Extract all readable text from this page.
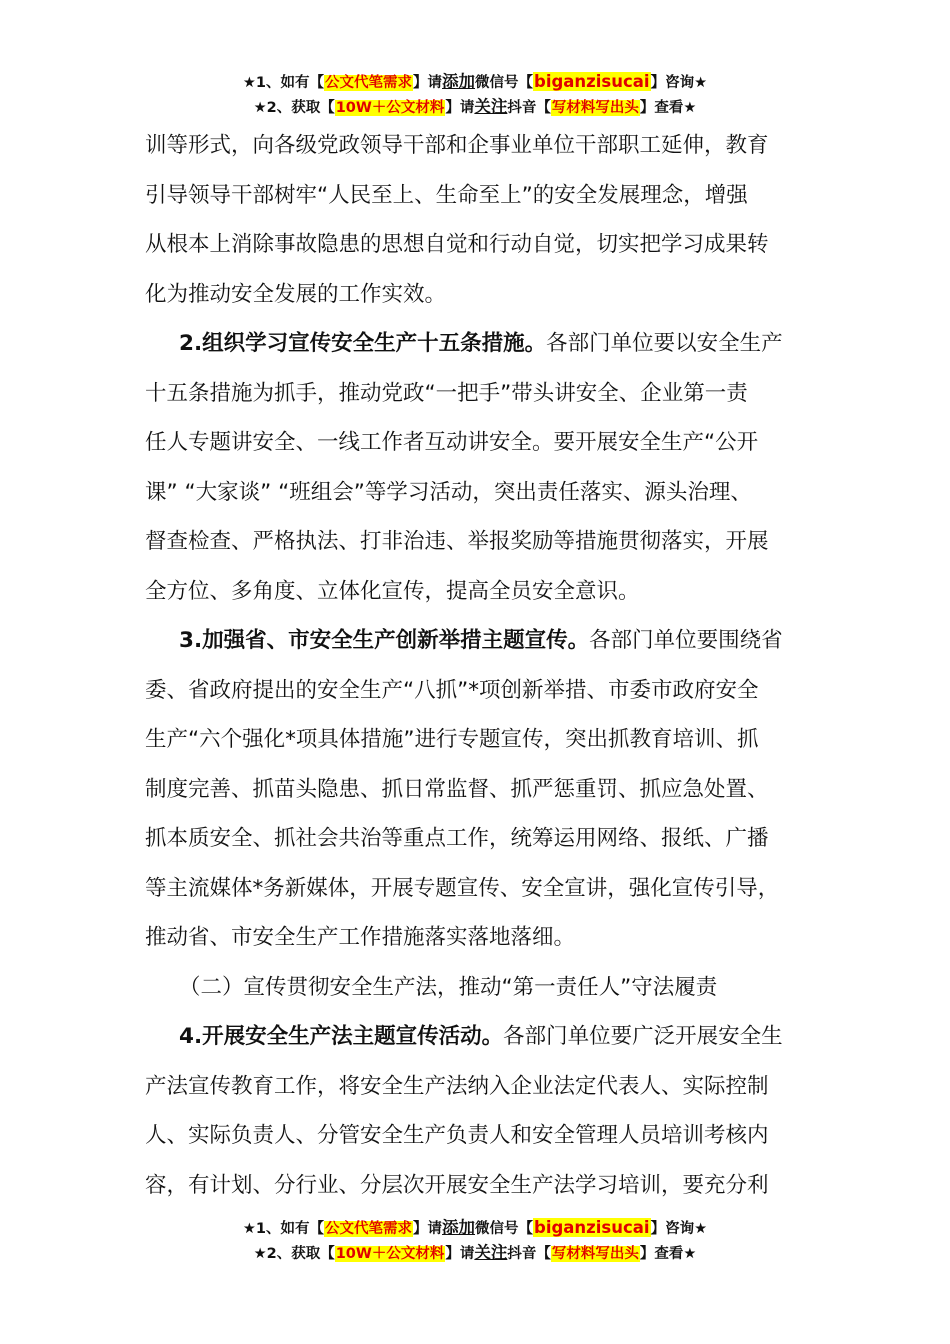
★1、如有【公文代笔需求】请添加微信号【biganzisucai】咨询★
★2、获取【10W＋公文材料】请关注抖音【写材料写出头】查看★

训等形式，向各级党政领导干部和企事业单位干部职工延伸，教育

引导领导干部树牢“人民至上、生命至上”的安全发展理念，增强

从根本上消除事故隐患的思想自觉和行动自觉，切实把学习成果转

化为推动安全发展的工作实效。

2.组织学习宣传安全生产十五条措施。各部门单位要以安全生产

十五条措施为抓手，推动党政“一把手”带头讲安全、企业第一责

任人专题讲安全、一线工作者互动讲安全。要开展安全生产“公开

课” “大家谈” “班组会”等学习活动，突出责任落实、源头治理、

督查检查、严格执法、打非治违、举报奖励等措施贯彻落实，开展

全方位、多角度、立体化宣传，提高全员安全意识。

3.加强省、市安全生产创新举措主题宣传。各部门单位要围绕省

委、省政府提出的安全生产“八抓”*项创新举措、市委市政府安全

生产“六个强化*项具体措施”进行专题宣传，突出抓教育培训、抓

制度完善、抓苗头隐患、抓日常监督、抓严惩重罚、抓应急处置、

抓本质安全、抓社会共治等重点工作，统筹运用网络、报纸、广播

等主流媒体*务新媒体，开展专题宣传、安全宣讲，强化宣传引导，

推动省、市安全生产工作措施落实落地落细。

（二）宣传贯彻安全生产法，推动“第一责任人”守法履责

4.开展安全生产法主题宣传活动。各部门单位要广泛开展安全生

产法宣传教育工作，将安全生产法纳入企业法定代表人、实际控制

人、实际负责人、分管安全生产负责人和安全管理人员培训考核内

容，有计划、分行业、分层次开展安全生产法学习培训，要充分利

★1、如有【公文代笔需求】请添加微信号【biganzisucai】咨询★
★2、获取【10W＋公文材料】请关注抖音【写材料写出头】查看★
